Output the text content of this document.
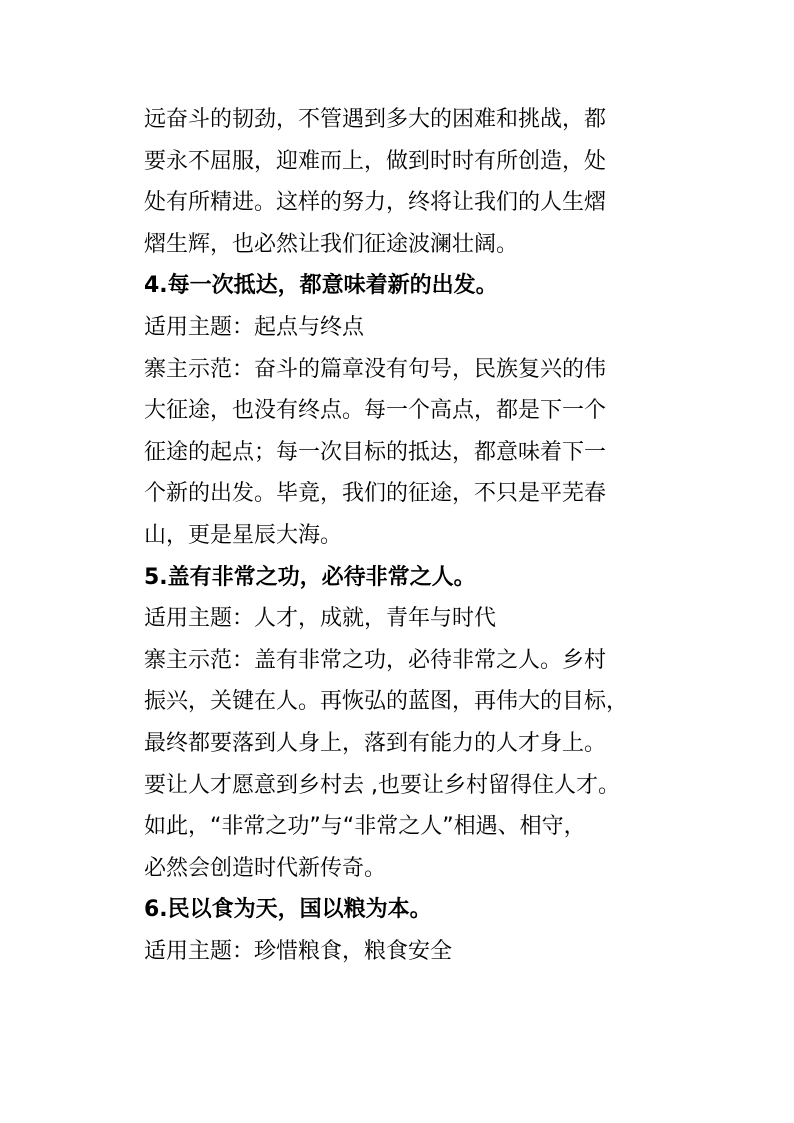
远奋斗的韧劲，不管遇到多大的困难和挑战，都

要永不屈服，迎难而上，做到时时有所创造，处

处有所精进。这样的努力，终将让我们的人生熠

熠生辉，也必然让我们征途波澜壮阔。

4.每一次抵达，都意味着新的出发。

适用主题：起点与终点

寨主示范：奋斗的篇章没有句号，民族复兴的伟

大征途，也没有终点。每一个高点，都是下一个

征途的起点；每一次目标的抵达，都意味着下一

个新的出发。毕竟，我们的征途，不只是平芜春

山，更是星辰大海。

5.盖有非常之功，必待非常之人。

适用主题：人才，成就，青年与时代

寨主示范：盖有非常之功，必待非常之人。乡村

振兴，关键在人。再恢弘的蓝图，再伟大的目标，

最终都要落到人身上，落到有能力的人才身上。

要让人才愿意到乡村去 ,也要让乡村留得住人才。

如此，“非常之功”与“非常之人”相遇、相守，

必然会创造时代新传奇。

6.民以食为天，国以粮为本。

适用主题：珍惜粮食，粮食安全
